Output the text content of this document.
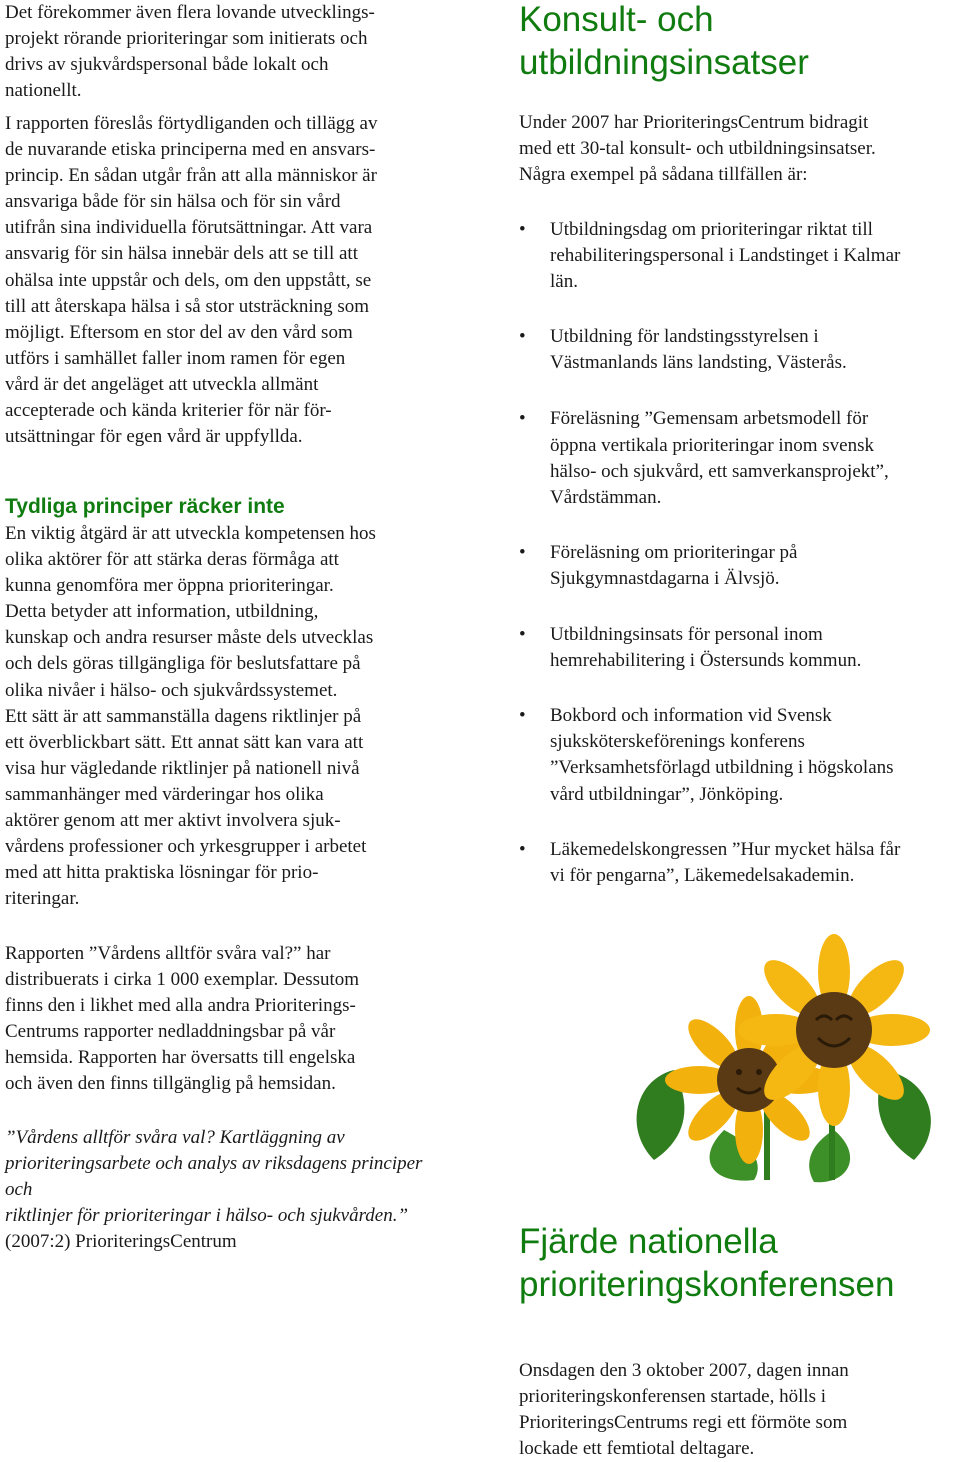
Det förekommer även flera lovande utvecklings-
projekt rörande prioriteringar som initierats och
drivs av sjukvårdspersonal både lokalt och
nationellt.

I rapporten föreslås förtydliganden och tillägg av
de nuvarande etiska principerna med en ansvars-
princip. En sådan utgår från att alla människor är
ansvariga både för sin hälsa och för sin vård
utifrån sina individuella förutsättningar. Att vara
ansvarig för sin hälsa innebär dels att se till att
ohälsa inte uppstår och dels, om den uppstått, se
till att återskapa hälsa i så stor utsträckning som
möjligt. Eftersom en stor del av den vård som
utförs i samhället faller inom ramen för egen
vård är det angeläget att utveckla allmänt
accepterade och kända kriterier för när för-
utsättningar för egen vård är uppfyllda.

Tydliga principer räcker inte

En viktig åtgärd är att utveckla kompetensen hos
olika aktörer för att stärka deras förmåga att
kunna genomföra mer öppna prioriteringar.
Detta betyder att information, utbildning,
kunskap och andra resurser måste dels utvecklas
och dels göras tillgängliga för beslutsfattare på
olika nivåer i hälso- och sjukvårdssystemet.
Ett sätt är att sammanställa dagens riktlinjer på
ett överblickbart sätt. Ett annat sätt kan vara att
visa hur vägledande riktlinjer på nationell nivå
sammanhänger med värderingar hos olika
aktörer genom att mer aktivt involvera sjuk-
vårdens professioner och yrkesgrupper i arbetet
med att hitta praktiska lösningar för prio-
riteringar.

Rapporten ”Vårdens alltför svåra val?” har
distribuerats i cirka 1 000 exemplar. Dessutom
finns den i likhet med alla andra Prioriterings-
Centrums rapporter nedladdningsbar på vår
hemsida. Rapporten har översatts till engelska
och även den finns tillgänglig på hemsidan.

”Vårdens alltför svåra val? Kartläggning av
prioriteringsarbete och analys av riksdagens principer och
riktlinjer för prioriteringar i hälso- och sjukvården.”
(2007:2) PrioriteringsCentrum

Konsult- och
utbildningsinsatser

Under 2007 har PrioriteringsCentrum bidragit
med ett 30-tal konsult- och utbildningsinsatser.
Några exempel på sådana tillfällen är:

• Utbildningsdag om prioriteringar riktat till
rehabiliteringspersonal i Landstinget i Kalmar
län.
• Utbildning för landstingsstyrelsen i
Västmanlands läns landsting, Västerås.
• Föreläsning ”Gemensam arbetsmodell för
öppna vertikala prioriteringar inom svensk
hälso- och sjukvård, ett samverkansprojekt”,
Vårdstämman.
• Föreläsning om prioriteringar på
Sjukgymnastdagarna i Älvsjö.
• Utbildningsinsats för personal inom
hemrehabilitering i Östersunds kommun.
• Bokbord och information vid Svensk
sjuksköterskeförenings konferens
”Verksamhetsförlagd utbildning i högskolans
vård utbildningar”, Jönköping.
• Läkemedelskongressen ”Hur mycket hälsa får
vi för pengarna”, Läkemedelsakademin.
Fjärde nationella
prioriteringskonferensen

Onsdagen den 3 oktober 2007, dagen innan
prioriteringskonferensen startade, hölls i
PrioriteringsCentrums regi ett förmöte som
lockade ett femtiotal deltagare.
